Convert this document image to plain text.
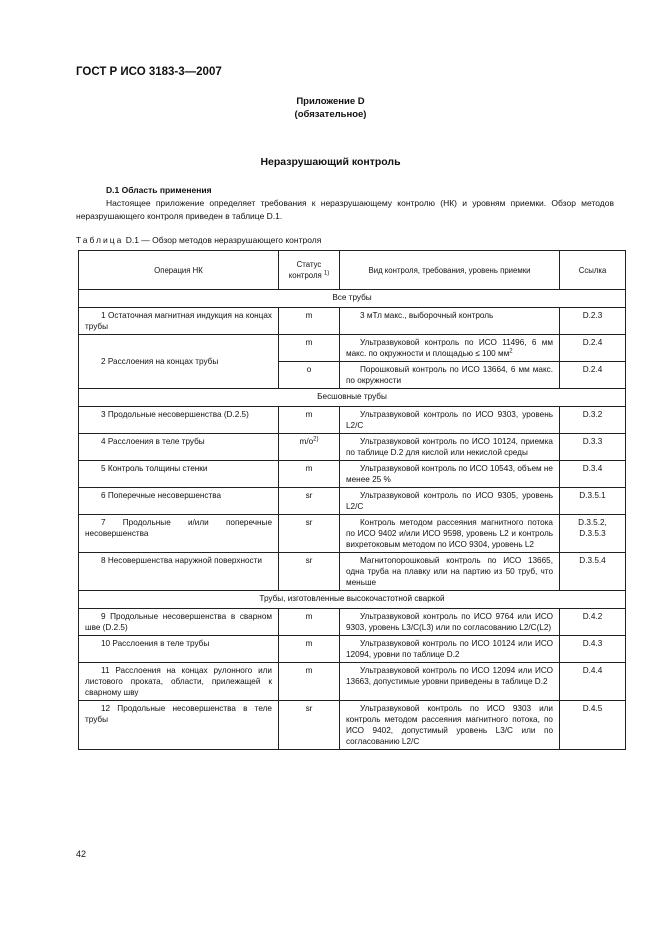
ГОСТ Р ИСО 3183-3—2007
Приложение D
(обязательное)
Неразрушающий контроль
D.1 Область применения
Настоящее приложение определяет требования к неразрушающему контролю (НК) и уровням приемки. Обзор методов неразрушающего контроля приведен в таблице D.1.
Таблица D.1 — Обзор методов неразрушающего контроля
Операция НК	Статус контроля $^{1)}$	Вид контроля, требования, уровень приемки	Ссылка
Все трубы			
1 Остаточная магнитная индукция на концах трубы	m	3 мТл макс., выборочный контроль	D.2.3
2 Расслоения на концах трубы	m	Ультразвуковой контроль по ИСО 11496, 6 мм макс. по окружности и площадью ≤ 100 $мм^2$	D.2.4
	o	Порошковый контроль по ИСО 13664, 6 мм макс. по окружности	D.2.4
Бесшовные трубы			
3 Продольные несовершенства (D.2.5)	m	Ультразвуковой контроль по ИСО 9303, уровень L2/C	D.3.2
4 Расслоения в теле трубы	$m/o^{2)}$	Ультразвуковой контроль по ИСО 10124, приемка по таблице D.2 для кислой или некислой среды	D.3.3
5 Контроль толщины стенки	m	Ультразвуковой контроль по ИСО 10543, объем не менее 25 %	D.3.4
6 Поперечные несовершенства	sr	Ультразвуковой контроль по ИСО 9305, уровень L2/C	D.3.5.1
7 Продольные и/или поперечные несовершенства	sr	Контроль методом рассеяния магнитного потока по ИСО 9402 и/или ИСО 9598, уровень L2 и контроль вихретоковым методом по ИСО 9304, уровень L2	D.3.5.2, D.3.5.3
8 Несовершенства наружной поверхности	sr	Магнитопорошковый контроль по ИСО 13665, одна труба на плавку или на партию из 50 труб, что меньше	D.3.5.4
Трубы, изготовленные высокочастотной сваркой			
9 Продольные несовершенства в сварном шве (D.2.5)	m	Ультразвуковой контроль по ИСО 9764 или ИСО 9303, уровень L3/C(L3) или по согласованию L2/C(L2)	D.4.2
10 Расслоения в теле трубы	m	Ультразвуковой контроль по ИСО 10124 или ИСО 12094, уровни по таблице D.2	D.4.3
11 Расслоения на концах рулонного или листового проката, области, прилежащей к сварному шву	m	Ультразвуковой контроль по ИСО 12094 или ИСО 13663, допустимые уровни приведены в таблице D.2	D.4.4
12 Продольные несовершенства в теле трубы	sr	Ультразвуковой контроль по ИСО 9303 или контроль методом рассеяния магнитного потока, по ИСО 9402, допустимый уровень L3/C или по согласованию L2/C	D.4.5
42
